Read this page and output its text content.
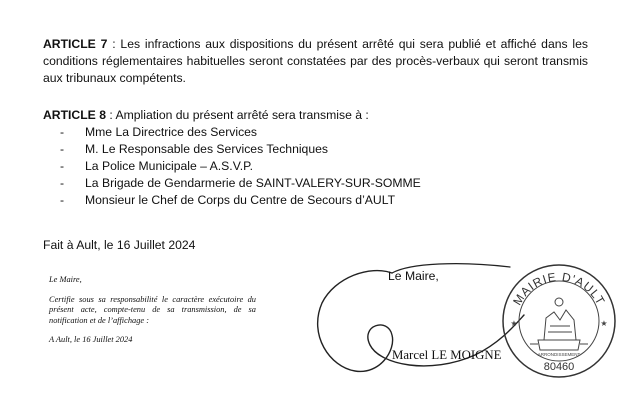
ARTICLE 7 : Les infractions aux dispositions du présent arrêté qui sera publié et affiché dans les conditions réglementaires habituelles seront constatées par des procès-verbaux qui seront transmis aux tribunaux compétents.
ARTICLE 8 : Ampliation du présent arrêté sera transmise à :
- Mme La Directrice des Services
- M. Le Responsable des Services Techniques
- La Police Municipale – A.S.V.P.
- La Brigade de Gendarmerie de SAINT-VALERY-SUR-SOMME
- Monsieur le Chef de Corps du Centre de Secours d’AULT
Fait à Ault, le 16 Juillet 2024

Le Maire,

Certifie sous sa responsabilité le caractère exécutoire du présent acte, compte-tenu de sa transmission, de sa notification et de l’affichage :

A Ault, le 16 Juillet 2024

Le Maire,
Marcel LE MOIGNE
MAIRIE D'AULT
ARRONDISSEMENT
80460
★	★
